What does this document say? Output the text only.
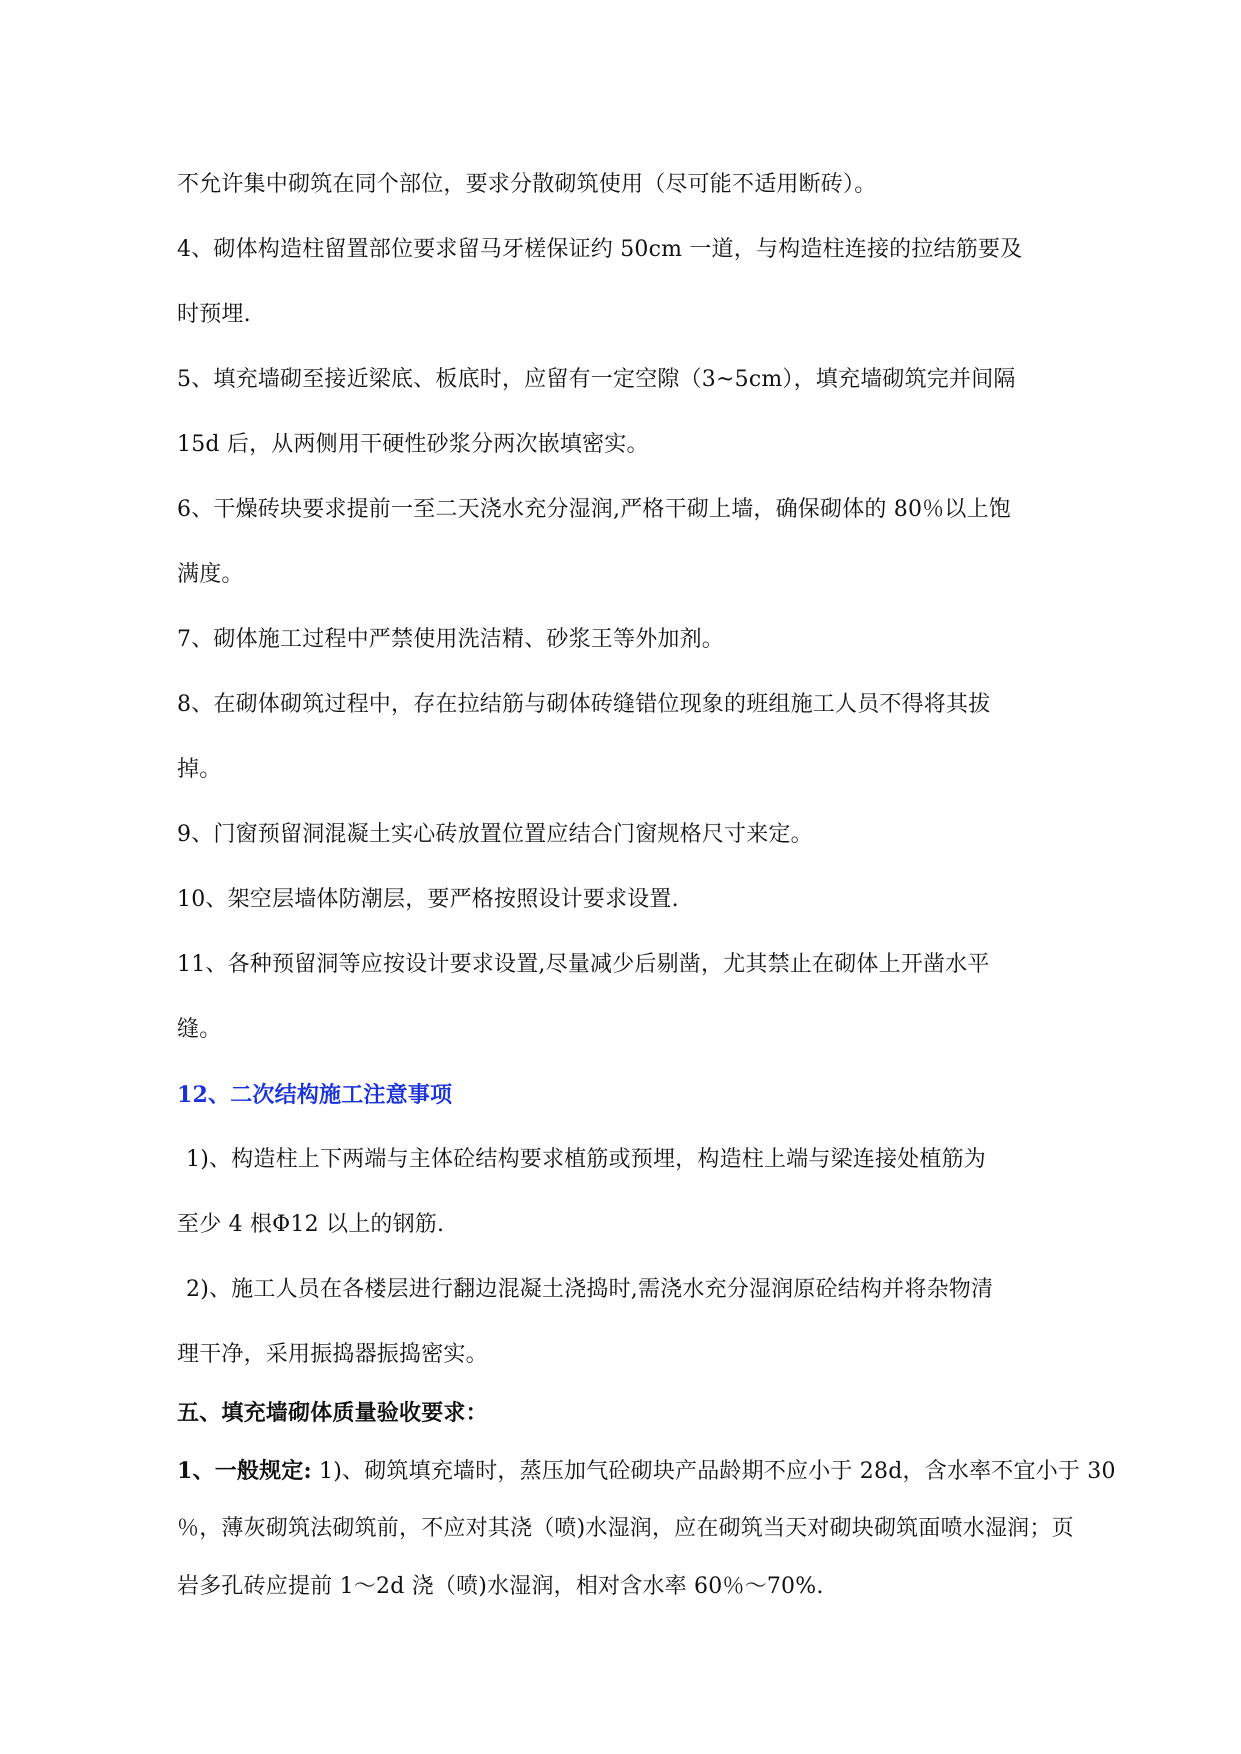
不允许集中砌筑在同个部位，要求分散砌筑使用（尽可能不适用断砖）。
4、砌体构造柱留置部位要求留马牙槎保证约 50cm 一道，与构造柱连接的拉结筋要及
时预埋.
5、填充墙砌至接近梁底、板底时，应留有一定空隙（3~5cm），填充墙砌筑完并间隔
15d 后，从两侧用干硬性砂浆分两次嵌填密实。
6、干燥砖块要求提前一至二天浇水充分湿润,严格干砌上墙，确保砌体的 80％以上饱
满度。
7、砌体施工过程中严禁使用洗洁精、砂浆王等外加剂。
8、在砌体砌筑过程中，存在拉结筋与砌体砖缝错位现象的班组施工人员不得将其拔
掉。
9、门窗预留洞混凝土实心砖放置位置应结合门窗规格尺寸来定。
10、架空层墙体防潮层，要严格按照设计要求设置.
11、各种预留洞等应按设计要求设置,尽量减少后剔凿，尤其禁止在砌体上开凿水平
缝。
12、二次结构施工注意事项
1)、构造柱上下两端与主体砼结构要求植筋或预埋，构造柱上端与梁连接处植筋为
至少 4 根Φ12 以上的钢筋.
2)、施工人员在各楼层进行翻边混凝土浇捣时,需浇水充分湿润原砼结构并将杂物清
理干净，采用振捣器振捣密实。
五、填充墙砌体质量验收要求：
1、一般规定: 1)、砌筑填充墙时，蒸压加气砼砌块产品龄期不应小于 28d，含水率不宜小于 30
％，薄灰砌筑法砌筑前，不应对其浇（喷)水湿润，应在砌筑当天对砌块砌筑面喷水湿润；页
岩多孔砖应提前 1～2d 浇（喷)水湿润，相对含水率 60％～70%.
